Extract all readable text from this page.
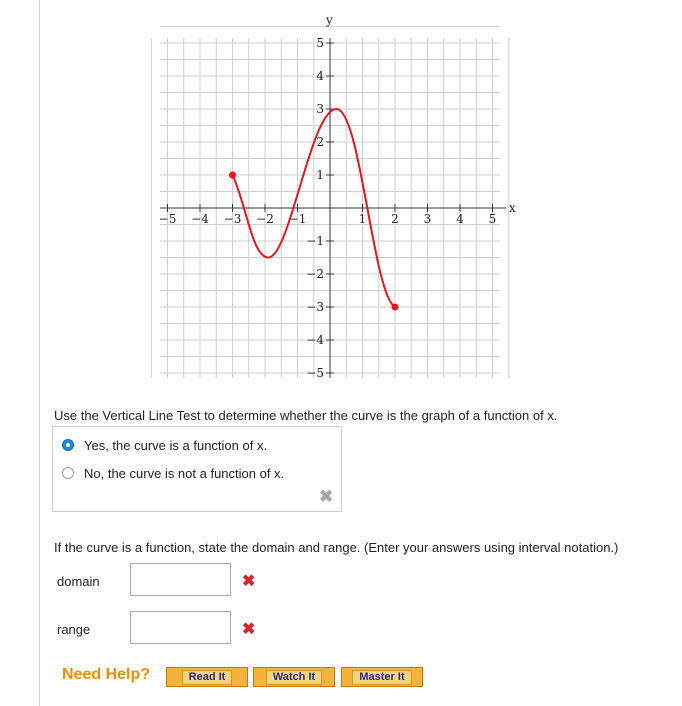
−5 −4 −3 −2 −1	1 2 3 4 5
5
4
3
2
1
−1
−2
−3
−4
−5
x
y
Use the Vertical Line Test to determine whether the curve is the graph of a function of x.
Yes, the curve is a function of x.
No, the curve is not a function of x.
✖
If the curve is a function, state the domain and range. (Enter your answers using interval notation.)
domain	✖
range	✖
Need Help?	Read It	Watch It	Master It
